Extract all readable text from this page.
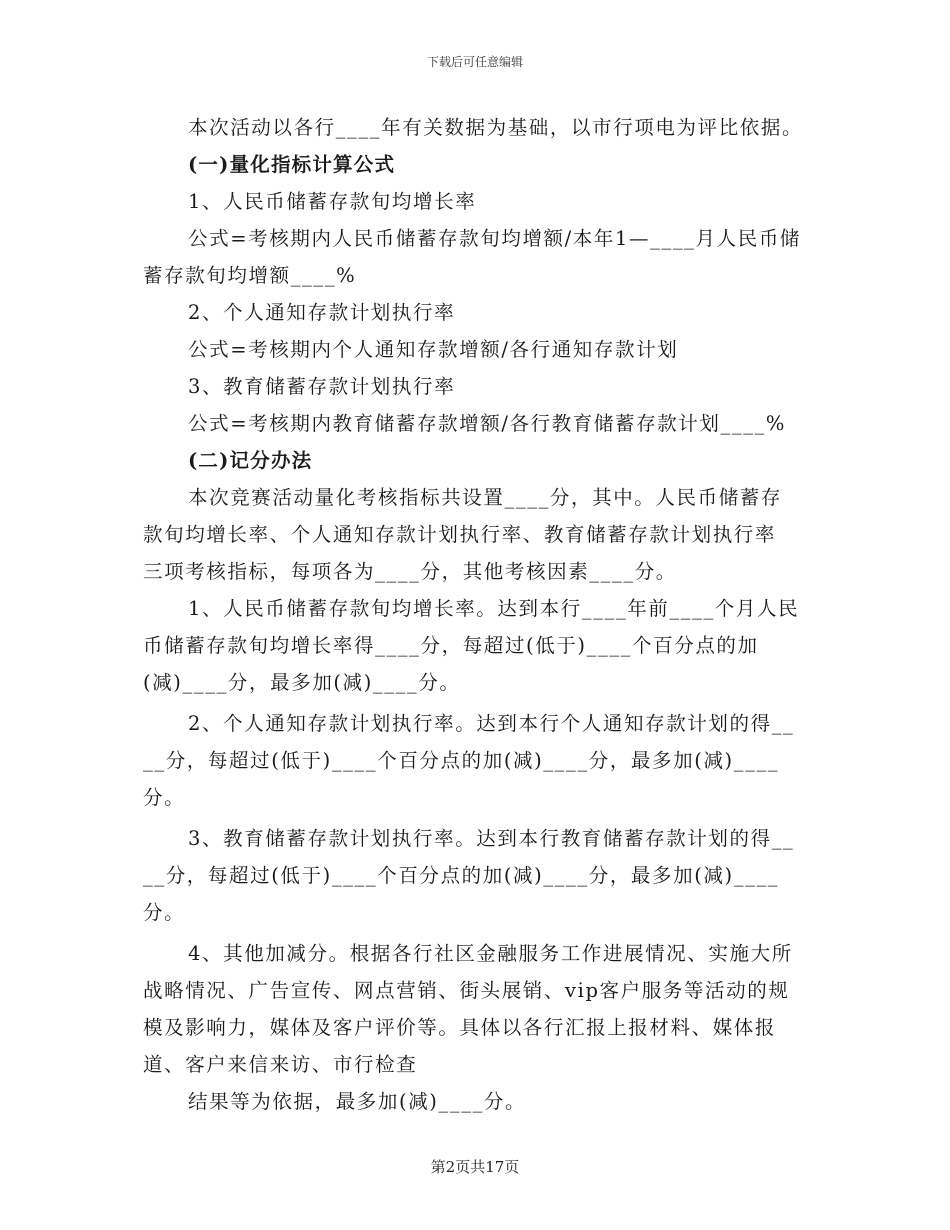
下载后可任意编辑
本次活动以各行____年有关数据为基础，以市行项电为评比依据。
(一)量化指标计算公式
1、人民币储蓄存款旬均增长率
公式=考核期内人民币储蓄存款旬均增额/本年1—____月人民币储
蓄存款旬均增额____%
2、个人通知存款计划执行率
公式=考核期内个人通知存款增额/各行通知存款计划
3、教育储蓄存款计划执行率
公式=考核期内教育储蓄存款增额/各行教育储蓄存款计划____%
(二)记分办法
本次竞赛活动量化考核指标共设置____分，其中。人民币储蓄存
款旬均增长率、个人通知存款计划执行率、教育储蓄存款计划执行率
三项考核指标，每项各为____分，其他考核因素____分。
1、人民币储蓄存款旬均增长率。达到本行____年前____个月人民
币储蓄存款旬均增长率得____分，每超过(低于)____个百分点的加
(减)____分，最多加(减)____分。
2、个人通知存款计划执行率。达到本行个人通知存款计划的得__
__分，每超过(低于)____个百分点的加(减)____分，最多加(减)____
分。
3、教育储蓄存款计划执行率。达到本行教育储蓄存款计划的得__
__分，每超过(低于)____个百分点的加(减)____分，最多加(减)____
分。
4、其他加减分。根据各行社区金融服务工作进展情况、实施大所
战略情况、广告宣传、网点营销、街头展销、vip客户服务等活动的规
模及影响力，媒体及客户评价等。具体以各行汇报上报材料、媒体报
道、客户来信来访、市行检查
结果等为依据，最多加(减)____分。
第2页共17页
